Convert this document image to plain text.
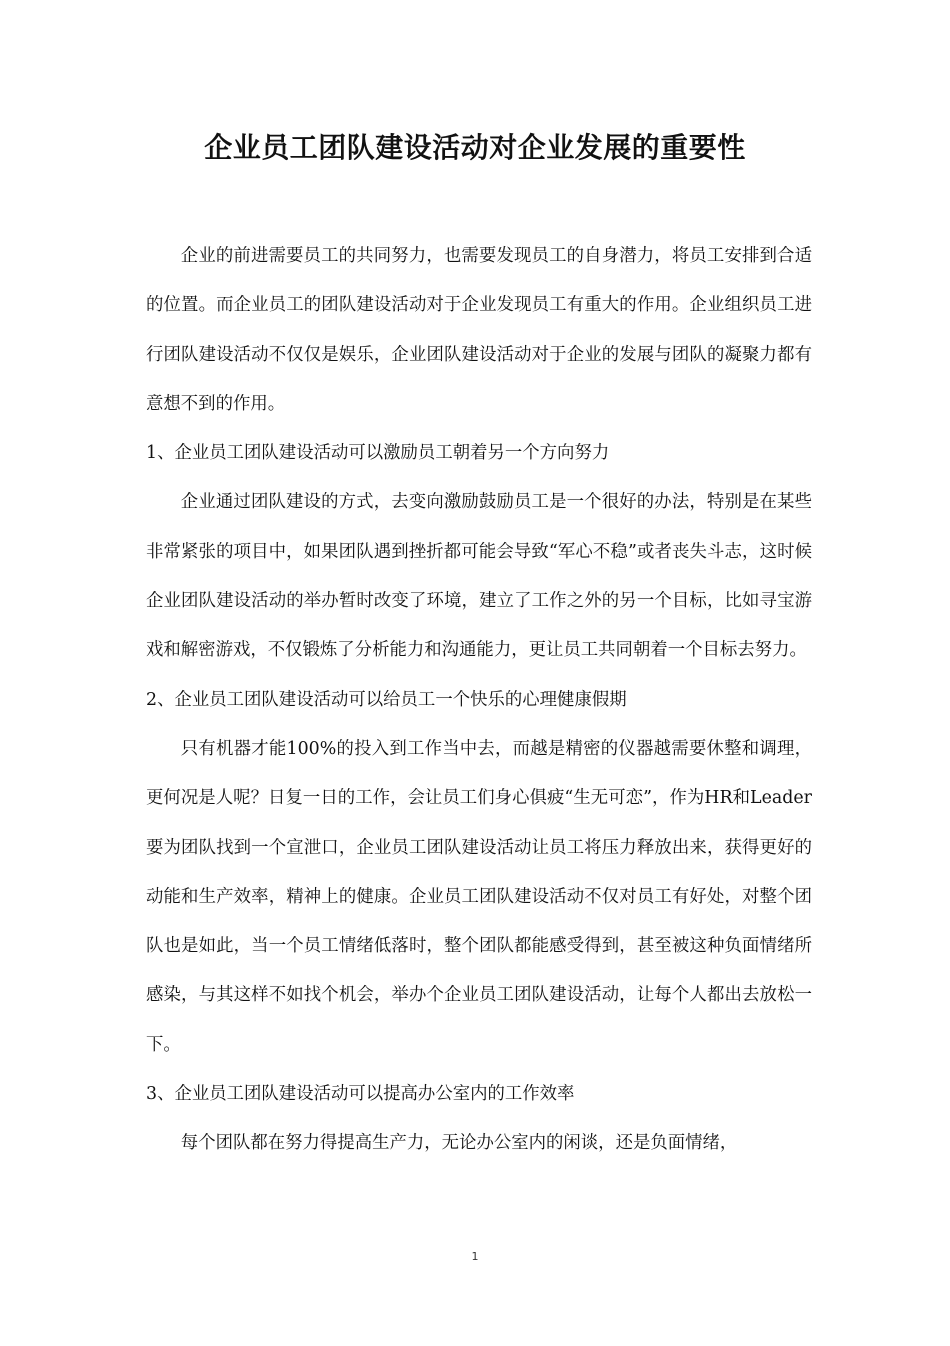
企业员工团队建设活动对企业发展的重要性

企业的前进需要员工的共同努力，也需要发现员工的自身潜力，将员工安排到合适的位置。而企业员工的团队建设活动对于企业发现员工有重大的作用。企业组织员工进行团队建设活动不仅仅是娱乐，企业团队建设活动对于企业的发展与团队的凝聚力都有意想不到的作用。

1、企业员工团队建设活动可以激励员工朝着另一个方向努力

企业通过团队建设的方式，去变向激励鼓励员工是一个很好的办法，特别是在某些非常紧张的项目中，如果团队遇到挫折都可能会导致“军心不稳”或者丧失斗志，这时候企业团队建设活动的举办暂时改变了环境，建立了工作之外的另一个目标，比如寻宝游戏和解密游戏，不仅锻炼了分析能力和沟通能力，更让员工共同朝着一个目标去努力。

2、企业员工团队建设活动可以给员工一个快乐的心理健康假期

只有机器才能100%的投入到工作当中去，而越是精密的仪器越需要休整和调理，更何况是人呢？日复一日的工作，会让员工们身心俱疲“生无可恋”，作为HR和Leader要为团队找到一个宣泄口，企业员工团队建设活动让员工将压力释放出来，获得更好的动能和生产效率，精神上的健康。企业员工团队建设活动不仅对员工有好处，对整个团队也是如此，当一个员工情绪低落时，整个团队都能感受得到，甚至被这种负面情绪所感染，与其这样不如找个机会，举办个企业员工团队建设活动，让每个人都出去放松一下。

3、企业员工团队建设活动可以提高办公室内的工作效率

每个团队都在努力得提高生产力，无论办公室内的闲谈，还是负面情绪，

1
